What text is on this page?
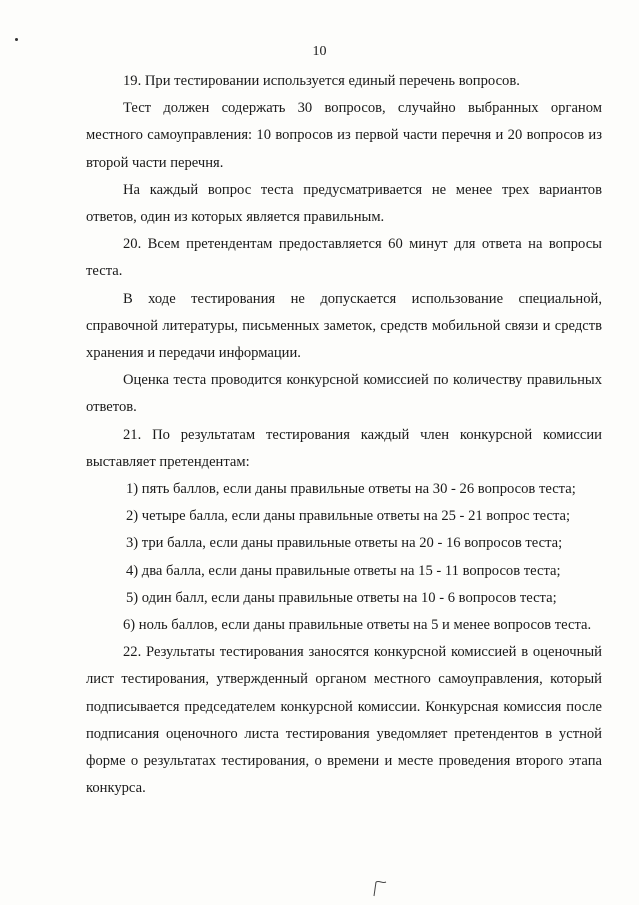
10

19. При тестировании используется единый перечень вопросов.

Тест должен содержать 30 вопросов, случайно выбранных органом местного самоуправления: 10 вопросов из первой части перечня и 20 вопросов из второй части перечня.

На каждый вопрос теста предусматривается не менее трех вариантов ответов, один из которых является правильным.

20. Всем претендентам предоставляется 60 минут для ответа на вопросы теста.

В ходе тестирования не допускается использование специальной, справочной литературы, письменных заметок, средств мобильной связи и средств хранения и передачи информации.

Оценка теста проводится конкурсной комиссией по количеству правильных ответов.

21. По результатам тестирования каждый член конкурсной комиссии выставляет претендентам:

1) пять баллов, если даны правильные ответы на 30 - 26 вопросов теста;

2) четыре балла, если даны правильные ответы на 25 - 21 вопрос теста;

3) три балла, если даны правильные ответы на 20 - 16 вопросов теста;

4) два балла, если даны правильные ответы на 15 - 11 вопросов теста;

5) один балл, если даны правильные ответы на 10 - 6 вопросов теста;

6) ноль баллов, если даны правильные ответы на 5 и менее вопросов теста.

22. Результаты тестирования заносятся конкурсной комиссией в оценочный лист тестирования, утвержденный органом местного самоуправления, который подписывается председателем конкурсной комиссии. Конкурсная комиссия после подписания оценочного листа тестирования уведомляет претендентов в устной форме о результатах тестирования, о времени и месте проведения второго этапа конкурса.
